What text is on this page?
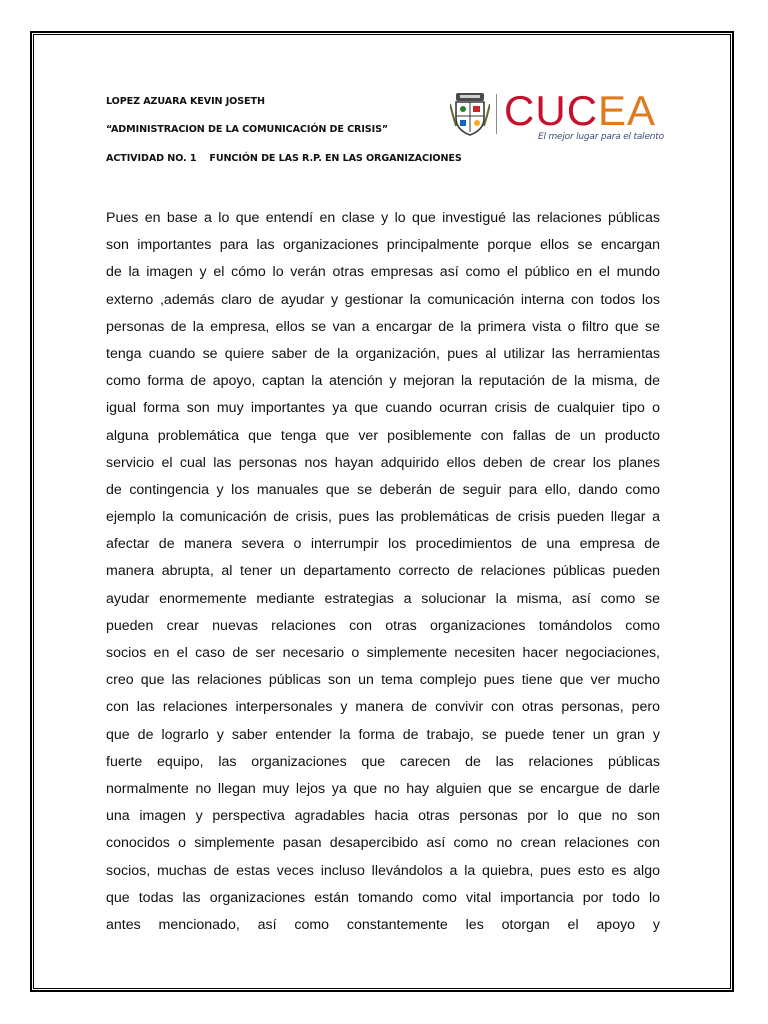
LOPEZ AZUARA KEVIN JOSETH
“ADMINISTRACION DE LA COMUNICACIÓN DE CRISIS”
ACTIVIDAD NO. 1    FUNCIÓN DE LAS R.P. EN LAS ORGANIZACIONES
CUCEA
El mejor lugar para el talento
Pues en base a lo que entendí en clase y lo que investigué las relaciones públicas
son importantes para las organizaciones principalmente porque ellos se encargan
de la imagen y el cómo lo verán otras empresas así como el público en el mundo
externo ,además claro de ayudar y gestionar la comunicación interna con todos los
personas de la empresa, ellos se van a encargar de la primera vista o filtro que se
tenga cuando se quiere saber de la organización, pues al utilizar las herramientas
como forma de apoyo, captan la atención y mejoran la reputación de la misma, de
igual forma son muy importantes ya que cuando ocurran crisis de cualquier tipo o
alguna problemática que tenga que ver posiblemente con fallas de un producto
servicio el cual las personas nos hayan adquirido ellos deben de crear los planes
de contingencia y los manuales que se deberán de seguir para ello, dando como
ejemplo la comunicación de crisis, pues las problemáticas de crisis pueden llegar a
afectar de manera severa o interrumpir los procedimientos de una empresa de
manera abrupta, al tener un departamento correcto de relaciones públicas pueden
ayudar enormemente mediante estrategias a solucionar la misma, así como se
pueden crear nuevas relaciones con otras organizaciones tomándolos como
socios en el caso de ser necesario o simplemente necesiten hacer negociaciones,
creo que las relaciones públicas son un tema complejo pues tiene que ver mucho
con las relaciones interpersonales y manera de convivir con otras personas, pero
que de lograrlo y saber entender la forma de trabajo, se puede tener un gran y
fuerte equipo, las organizaciones que carecen de las relaciones públicas
normalmente no llegan muy lejos ya que no hay alguien que se encargue de darle
una imagen y perspectiva agradables hacia otras personas por lo que no son
conocidos o simplemente pasan desapercibido así como no crean relaciones con
socios, muchas de estas veces incluso llevándolos a la quiebra, pues esto es algo
que todas las organizaciones están tomando como vital importancia por todo lo
antes mencionado, así como constantemente les otorgan el apoyo y
